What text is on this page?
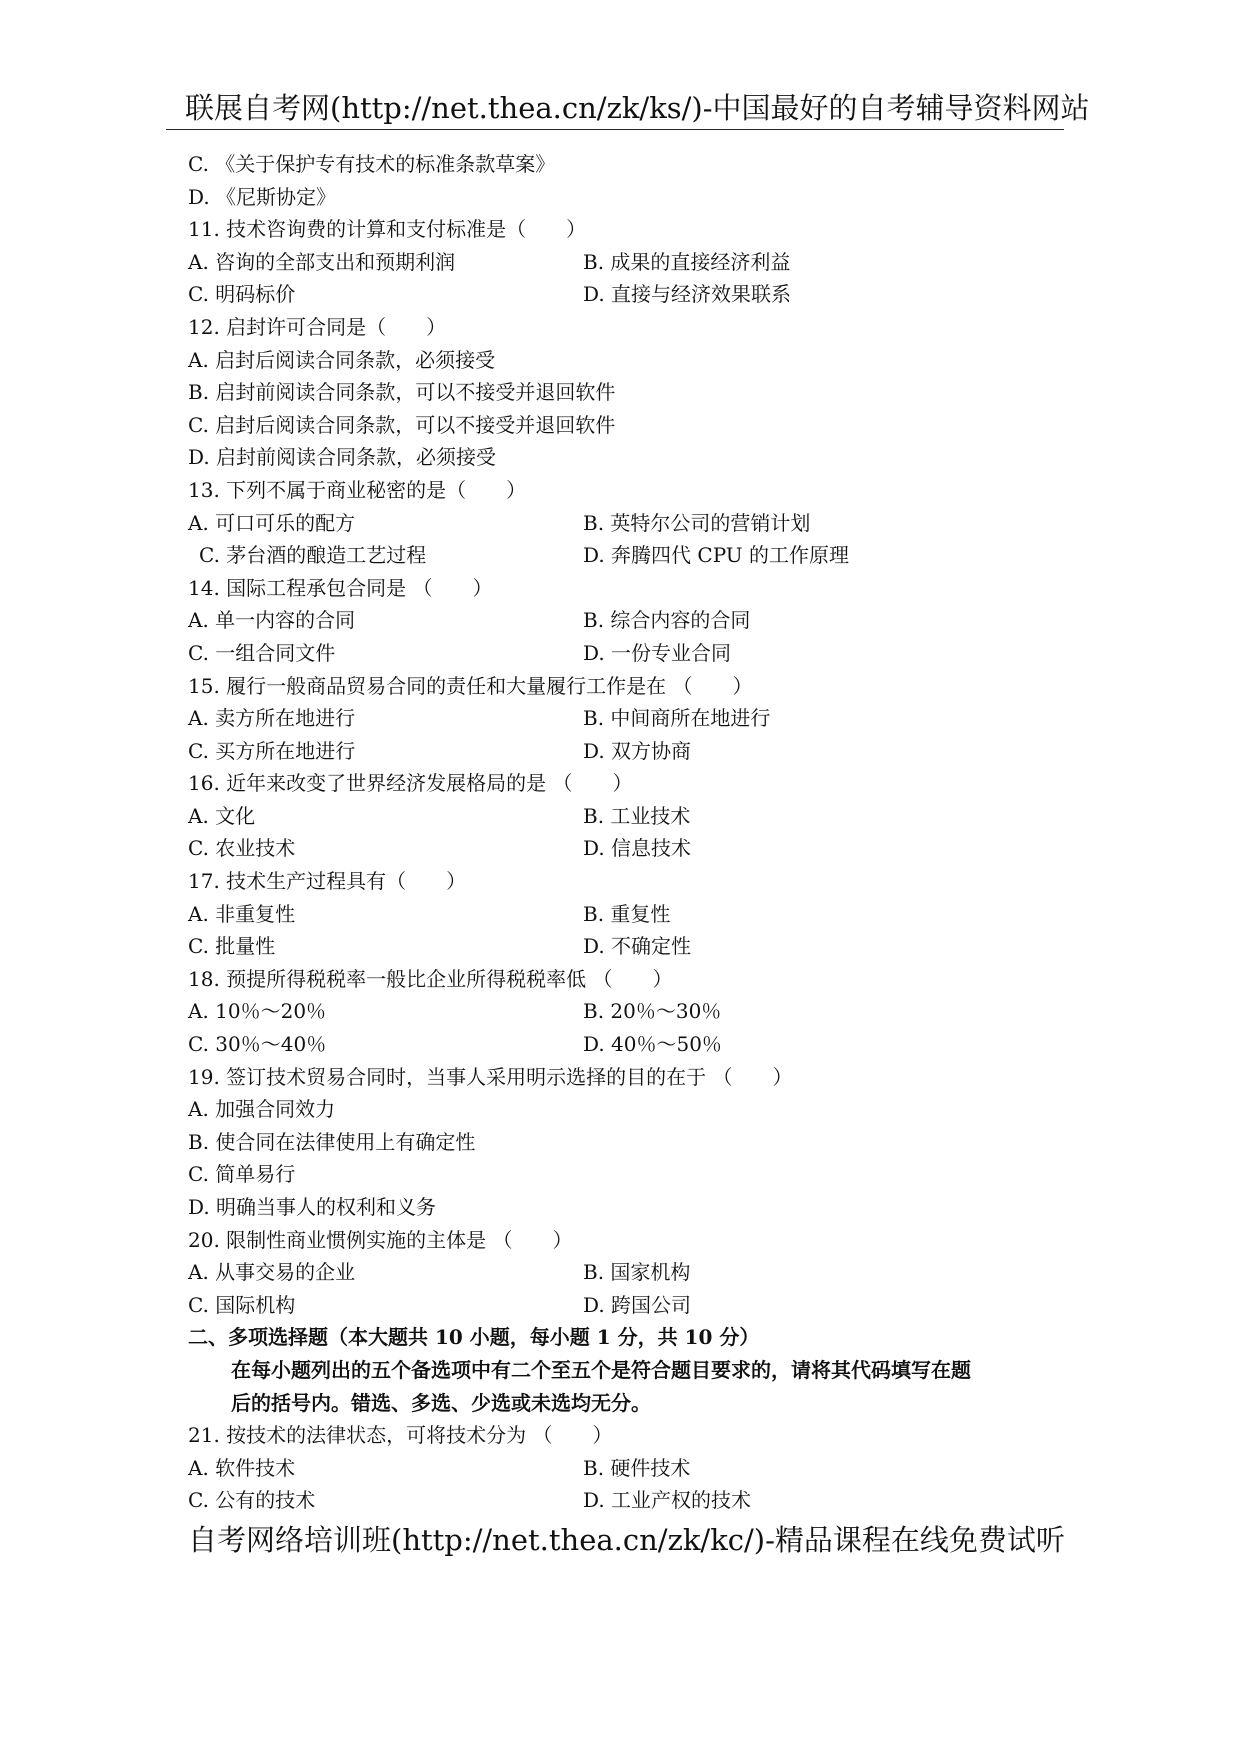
联展自考网(http://net.thea.cn/zk/ks/)-中国最好的自考辅导资料网站
C. 《关于保护专有技术的标准条款草案》
D. 《尼斯协定》
11. 技术咨询费的计算和支付标准是（　　）
A. 咨询的全部支出和预期利润	B. 成果的直接经济利益
C. 明码标价	D. 直接与经济效果联系
12. 启封许可合同是（　　）
A. 启封后阅读合同条款，必须接受
B. 启封前阅读合同条款，可以不接受并退回软件
C. 启封后阅读合同条款，可以不接受并退回软件
D. 启封前阅读合同条款，必须接受
13. 下列不属于商业秘密的是（　　）
A. 可口可乐的配方	B. 英特尔公司的营销计划
C. 茅台酒的酿造工艺过程	D. 奔腾四代 CPU 的工作原理
14. 国际工程承包合同是 （　　）
A. 单一内容的合同	B. 综合内容的合同
C. 一组合同文件	D. 一份专业合同
15. 履行一般商品贸易合同的责任和大量履行工作是在 （　　）
A. 卖方所在地进行	B. 中间商所在地进行
C. 买方所在地进行	D. 双方协商
16. 近年来改变了世界经济发展格局的是 （　　）
A. 文化	B. 工业技术
C. 农业技术	D. 信息技术
17. 技术生产过程具有（　　）
A. 非重复性	B. 重复性
C. 批量性	D. 不确定性
18. 预提所得税税率一般比企业所得税税率低 （　　）
A. 10％～20％	B. 20％～30％
C. 30％～40％	D. 40％～50％
19. 签订技术贸易合同时，当事人采用明示选择的目的在于 （　　）
A. 加强合同效力
B. 使合同在法律使用上有确定性
C. 简单易行
D. 明确当事人的权利和义务
20. 限制性商业惯例实施的主体是 （　　）
A. 从事交易的企业	B. 国家机构
C. 国际机构	D. 跨国公司
二、多项选择题（本大题共 10 小题，每小题 1 分，共 10 分）
在每小题列出的五个备选项中有二个至五个是符合题目要求的，请将其代码填写在题
后的括号内。错选、多选、少选或未选均无分。
21. 按技术的法律状态，可将技术分为 （　　）
A. 软件技术	B. 硬件技术
C. 公有的技术	D. 工业产权的技术
自考网络培训班(http://net.thea.cn/zk/kc/)-精品课程在线免费试听
